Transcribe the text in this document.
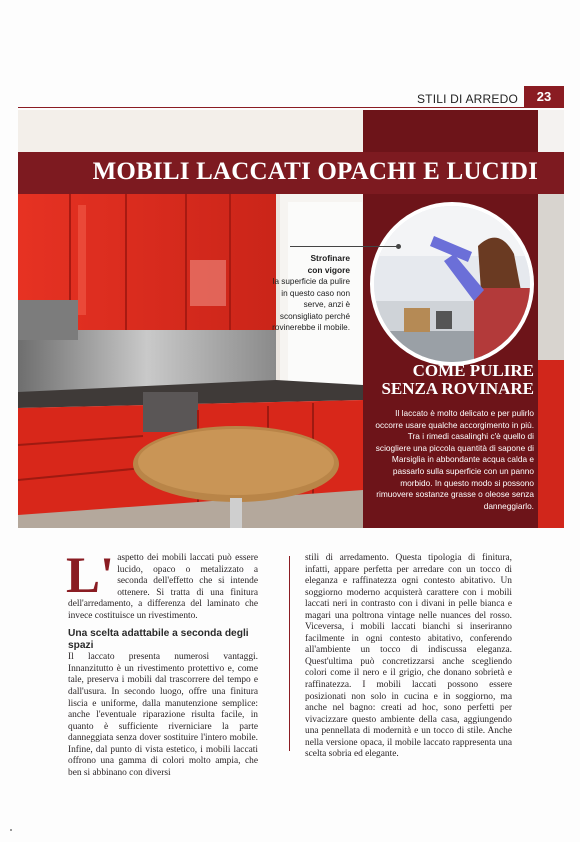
STILI DI ARREDO	23
MOBILI LACCATI OPACHI E LUCIDI
Strofinare
con vigore
la superficie da pulire in questo caso non serve, anzi è sconsigliato perché rovinerebbe il mobile.
COME PULIRE
SENZA ROVINARE
Il laccato è molto delicato e per pulirlo occorre usare qualche accorgimento in più. Tra i rimedi casalinghi c'è quello di sciogliere una piccola quantità di sapone di Marsiglia in abbondante acqua calda e passarlo sulla superficie con un panno morbido. In questo modo si possono rimuovere sostanze grasse o oleose senza danneggiarlo.
L' aspetto dei mobili laccati può essere lucido, opaco o metalizzato a seconda dell'effetto che si intende ottenere. Si tratta di una finitura dell'arredamento, a differenza del laminato che invece costituisce un rivestimento.

Una scelta adattabile a seconda degli spazi

Il laccato presenta numerosi vantaggi. Innanzitutto è un rivestimento protettivo e, come tale, preserva i mobili dal trascorrere del tempo e dall'usura. In secondo luogo, offre una finitura liscia e uniforme, dalla manutenzione semplice: anche l'eventuale riparazione risulta facile, in quanto è sufficiente riverniciare la parte danneggiata senza dover sostituire l'intero mobile. Infine, dal punto di vista estetico, i mobili laccati offrono una gamma di colori molto ampia, che ben si abbinano con diversi

stili di arredamento. Questa tipologia di finitura, infatti, appare perfetta per arredare con un tocco di eleganza e raffinatezza ogni contesto abitativo. Un soggiorno moderno acquisterà carattere con i mobili laccati neri in contrasto con i divani in pelle bianca e magari una poltrona vintage nelle nuances del rosso. Viceversa, i mobili laccati bianchi si inseriranno facilmente in ogni contesto abitativo, conferendo all'ambiente un tocco di indiscussa eleganza. Quest'ultima può concretizzarsi anche scegliendo colori come il nero e il grigio, che donano sobrietà e raffinatezza. I mobili laccati possono essere posizionati non solo in cucina e in soggiorno, ma anche nel bagno: creati ad hoc, sono perfetti per vivacizzare questo ambiente della casa, aggiungendo una pennellata di modernità e un tocco di stile. Anche nella versione opaca, il mobile laccato rappresenta una scelta sobria ed elegante.
